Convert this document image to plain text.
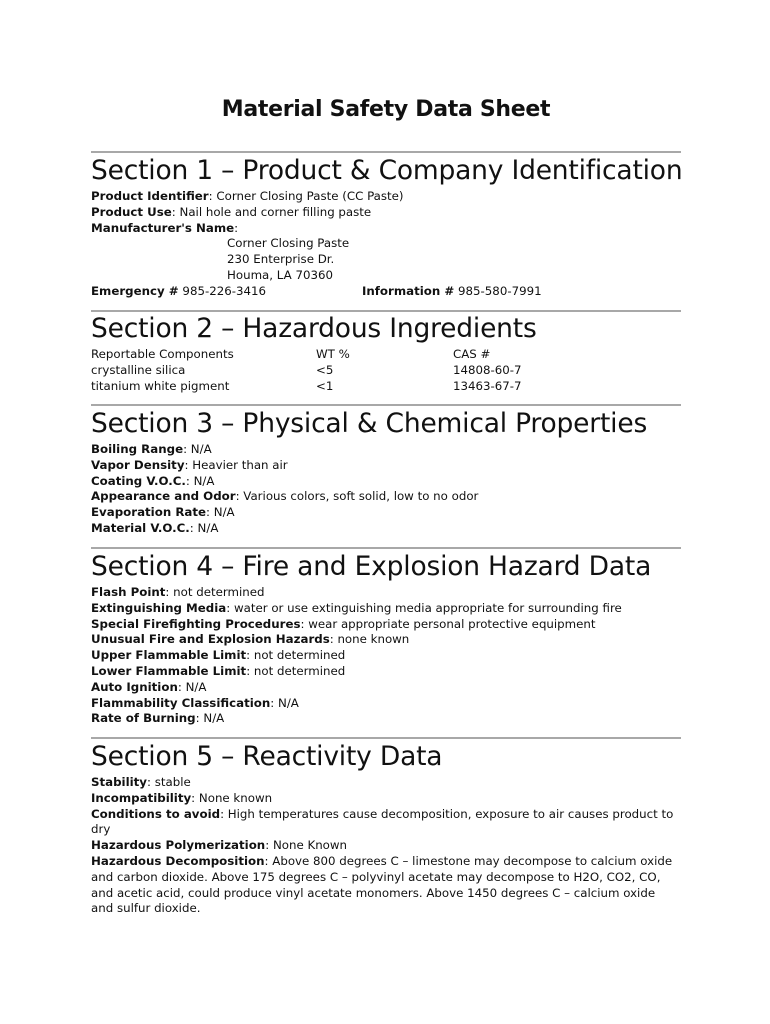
Material Safety Data Sheet
Section 1 – Product & Company Identification
Product Identifier: Corner Closing Paste (CC Paste)
Product Use: Nail hole and corner filling paste
Manufacturer's Name:
Corner Closing Paste
230 Enterprise Dr.
Houma, LA 70360
Emergency # 985-226-3416	Information # 985-580-7991
Section 2 – Hazardous Ingredients
Reportable Components	WT %	CAS #
crystalline silica	<5	14808-60-7
titanium white pigment	<1	13463-67-7
Section 3 – Physical & Chemical Properties
Boiling Range: N/A
Vapor Density: Heavier than air
Coating V.O.C.: N/A
Appearance and Odor: Various colors, soft solid, low to no odor
Evaporation Rate: N/A
Material V.O.C.: N/A
Section 4 – Fire and Explosion Hazard Data
Flash Point: not determined
Extinguishing Media: water or use extinguishing media appropriate for surrounding fire
Special Firefighting Procedures: wear appropriate personal protective equipment
Unusual Fire and Explosion Hazards: none known
Upper Flammable Limit: not determined
Lower Flammable Limit: not determined
Auto Ignition: N/A
Flammability Classification: N/A
Rate of Burning: N/A
Section 5 – Reactivity Data
Stability: stable
Incompatibility: None known
Conditions to avoid: High temperatures cause decomposition, exposure to air causes product to dry
Hazardous Polymerization: None Known
Hazardous Decomposition: Above 800 degrees C – limestone may decompose to calcium oxide and carbon dioxide. Above 175 degrees C – polyvinyl acetate may decompose to H2O, CO2, CO, and acetic acid, could produce vinyl acetate monomers. Above 1450 degrees C – calcium oxide and sulfur dioxide.
